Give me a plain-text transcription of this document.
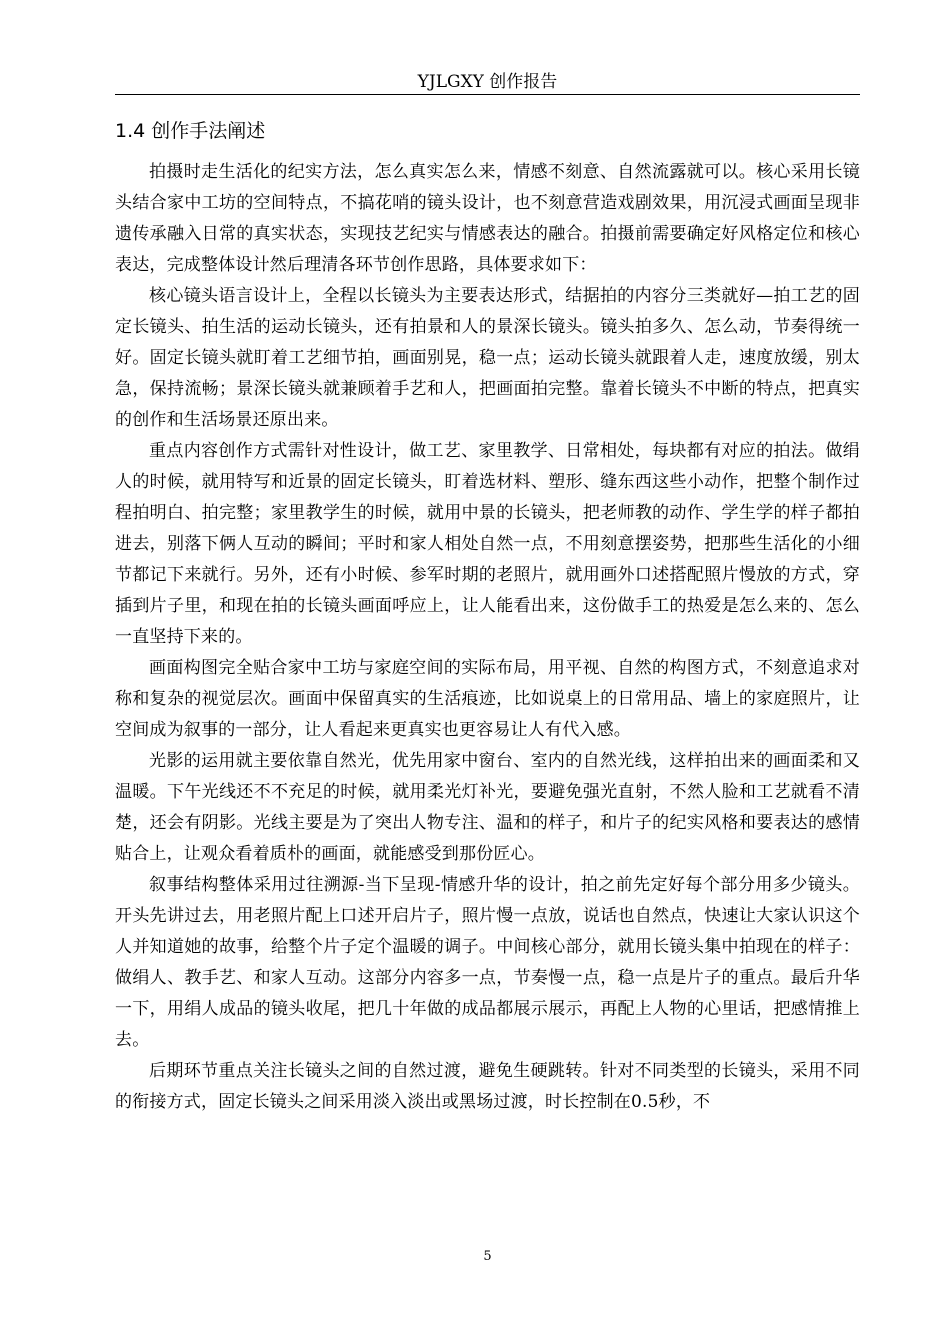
YJLGXY 创作报告
1.4 创作手法阐述

拍摄时走生活化的纪实方法，怎么真实怎么来，情感不刻意、自然流露就可以。核心采用长镜头结合家中工坊的空间特点，不搞花哨的镜头设计，也不刻意营造戏剧效果，用沉浸式画面呈现非遗传承融入日常的真实状态，实现技艺纪实与情感表达的融合。拍摄前需要确定好风格定位和核心表达，完成整体设计然后理清各环节创作思路，具体要求如下：

核心镜头语言设计上，全程以长镜头为主要表达形式，结据拍的内容分三类就好—拍工艺的固定长镜头、拍生活的运动长镜头，还有拍景和人的景深长镜头。镜头拍多久、怎么动，节奏得统一好。固定长镜头就盯着工艺细节拍，画面别晃，稳一点；运动长镜头就跟着人走，速度放缓，别太急，保持流畅；景深长镜头就兼顾着手艺和人，把画面拍完整。靠着长镜头不中断的特点，把真实的创作和生活场景还原出来。

重点内容创作方式需针对性设计，做工艺、家里教学、日常相处，每块都有对应的拍法。做绢人的时候，就用特写和近景的固定长镜头，盯着选材料、塑形、缝东西这些小动作，把整个制作过程拍明白、拍完整；家里教学生的时候，就用中景的长镜头，把老师教的动作、学生学的样子都拍进去，别落下俩人互动的瞬间；平时和家人相处自然一点，不用刻意摆姿势，把那些生活化的小细节都记下来就行。另外，还有小时候、参军时期的老照片，就用画外口述搭配照片慢放的方式，穿插到片子里，和现在拍的长镜头画面呼应上，让人能看出来，这份做手工的热爱是怎么来的、怎么一直坚持下来的。

画面构图完全贴合家中工坊与家庭空间的实际布局，用平视、自然的构图方式，不刻意追求对称和复杂的视觉层次。画面中保留真实的生活痕迹，比如说桌上的日常用品、墙上的家庭照片，让空间成为叙事的一部分，让人看起来更真实也更容易让人有代入感。

光影的运用就主要依靠自然光，优先用家中窗台、室内的自然光线，这样拍出来的画面柔和又温暖。下午光线还不不充足的时候，就用柔光灯补光，要避免强光直射，不然人脸和工艺就看不清楚，还会有阴影。光线主要是为了突出人物专注、温和的样子，和片子的纪实风格和要表达的感情贴合上，让观众看着质朴的画面，就能感受到那份匠心。

叙事结构整体采用过往溯源-当下呈现-情感升华的设计，拍之前先定好每个部分用多少镜头。开头先讲过去，用老照片配上口述开启片子，照片慢一点放，说话也自然点，快速让大家认识这个人并知道她的故事，给整个片子定个温暖的调子。中间核心部分，就用长镜头集中拍现在的样子：做绢人、教手艺、和家人互动。这部分内容多一点，节奏慢一点，稳一点是片子的重点。最后升华一下，用绢人成品的镜头收尾，把几十年做的成品都展示展示，再配上人物的心里话，把感情推上去。

后期环节重点关注长镜头之间的自然过渡，避免生硬跳转。针对不同类型的长镜头，采用不同的衔接方式，固定长镜头之间采用淡入淡出或黑场过渡，时长控制在0.5秒，不

5
